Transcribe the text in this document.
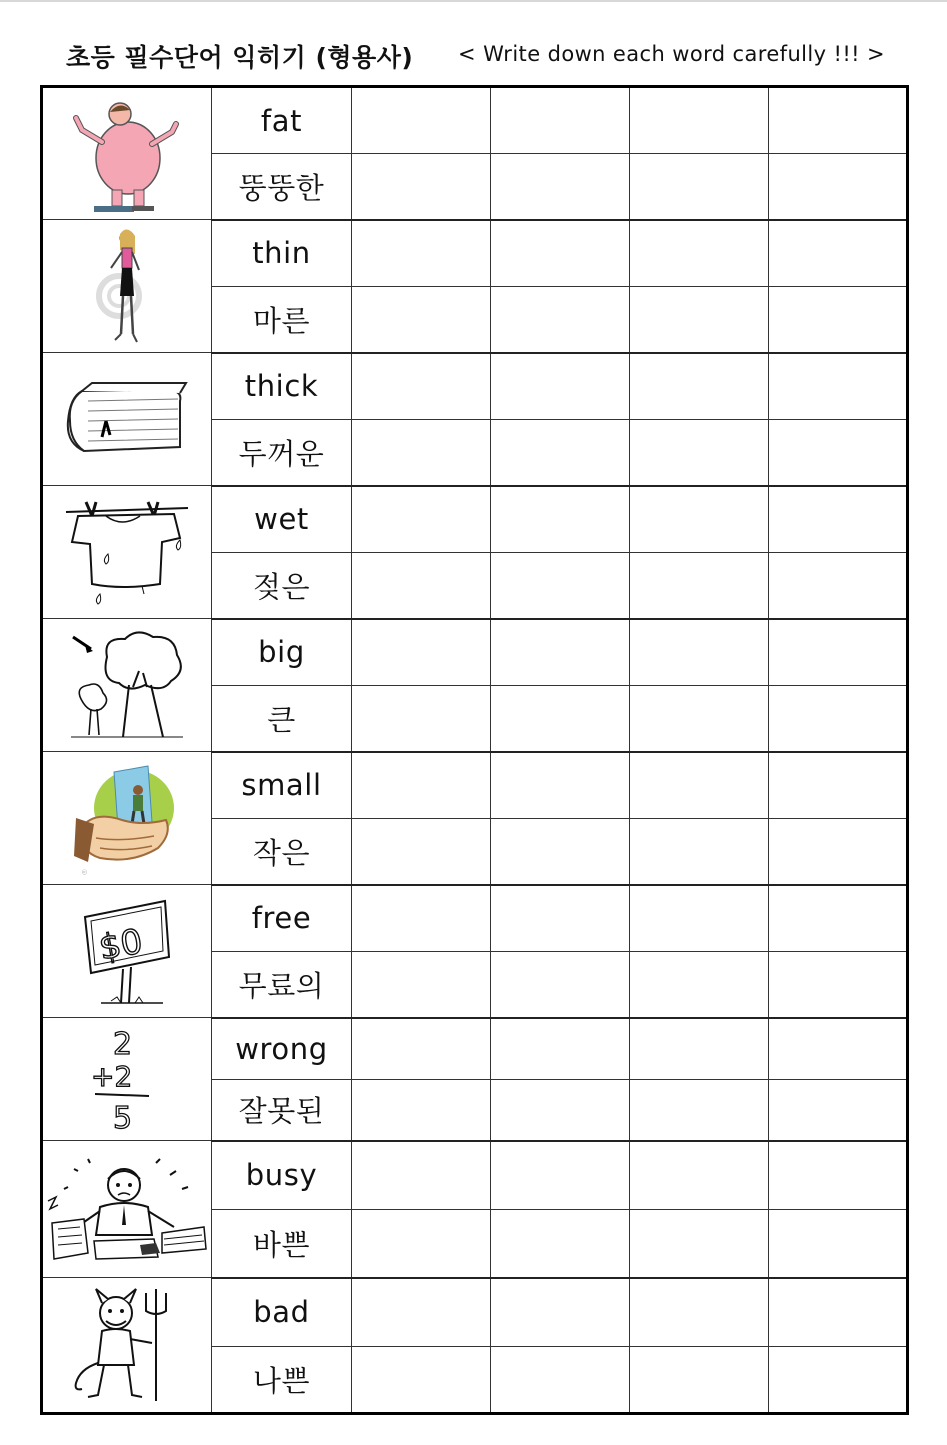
초등 필수단어 익히기 (형용사) < Write down each word carefully !!! >
	fat				
	뚱뚱한				

	thin				
	마른				

	thick				
	두꺼운				

	wet				
	젖은				

	big				
	큰				

ⓒ	small				
	작은				

$0	free				
	무료의				

2
+2
5	wrong				
	잘못된				

	busy				
	바쁜				

	bad				
	나쁜				
